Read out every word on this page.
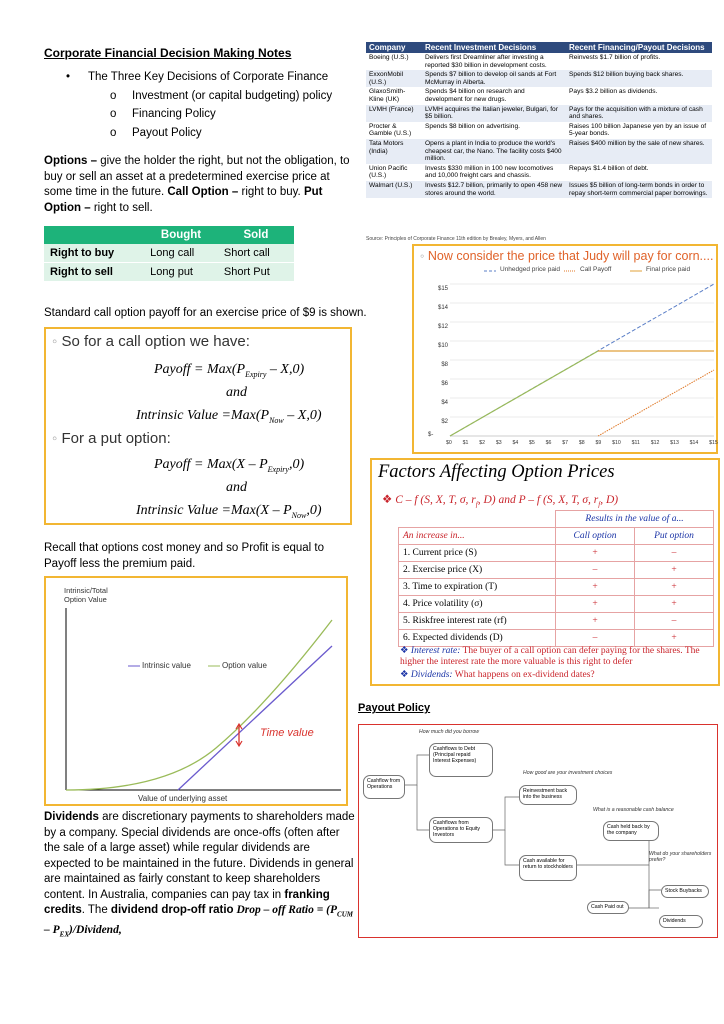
Corporate Financial Decision Making Notes
•	The Three Key Decisions of Corporate Finance
o Investment (or capital budgeting) policy
o Financing Policy
o Payout Policy
Options – give the holder the right, but not the obligation, to buy or sell an asset at a predetermined exercise price at some time in the future. Call Option – right to buy. Put Option – right to sell.
	Bought	Sold
Right to buy	Long call	Short call
Right to sell	Long put	Short Put
Standard call option payoff for an exercise price of $9 is shown.
◦ So for a call option we have:
Payoff = $Max(P_{Expiry} - X,0)$
and
Intrinsic Value $=Max(P_{Now} - X,0)$
◦ For a put option:
Payoff = $Max(X - P_{Expiry},0)$
and
Intrinsic Value $=Max(X - P_{Now},0)$
Recall that options cost money and so Profit is equal to Payoff less the premium paid.
Intrinsic/Total
Option Value
Intrinsic value	Option value
Time value
Value of underlying asset
Dividends are discretionary payments to shareholders made by a company. Special dividends are once-offs (often after the sale of a large asset) while regular dividends are expected to be maintained in the future. Dividends in general are maintained as fairly constant to keep shareholders content. In Australia, companies can pay tax in franking credits. The dividend drop-off ratio Drop – off Ratio = ($P_{CUM}$ – $P_{EX}$)/Dividend,
Company	Recent Investment Decisions	Recent Financing/Payout Decisions
Boeing (U.S.)	Delivers first Dreamliner after investing a reported $30 billion in development costs.	Reinvests $1.7 billion of profits.
ExxonMobil (U.S.)	Spends $7 billion to develop oil sands at Fort McMurray in Alberta.	Spends $12 billion buying back shares.
GlaxoSmith-Kline (UK)	Spends $4 billion on research and development for new drugs.	Pays $3.2 billion as dividends.
LVMH (France)	LVMH acquires the Italian jeweler, Bulgari, for $5 billion.	Pays for the acquisition with a mixture of cash and shares.
Procter & Gamble (U.S.)	Spends $8 billion on advertising.	Raises 100 billion Japanese yen by an issue of 5-year bonds.
Tata Motors (India)	Opens a plant in India to produce the world's cheapest car, the Nano. The facility costs $400 million.	Raises $400 million by the sale of new shares.
Union Pacific (U.S.)	Invests $330 million in 100 new locomotives and 10,000 freight cars and chassis.	Repays $1.4 billion of debt.
Walmart (U.S.)	Invests $12.7 billion, primarily to open 458 new stores around the world.	Issues $5 billion of long-term bonds in order to repay short-term commercial paper borrowings.
Source: Principles of Corporate Finance 11th edition by Brealey, Myers, and Allen
◦ Now consider the price that Judy will pay for corn....
Unhedged price paid	Call Payoff	Final price paid
$15
$14
$12
$10
$8
$6
$4
$2
$-
$0 $1 $2 $3 $4 $5 $6 $7 $8 $9 $10 $11 $12 $13 $14 $15
Factors Affecting Option Prices
❖ C – f (S, X, T, σ, $r_f$, D) and P – f (S, X, T, σ, $r_f$, D)
	Results in the value of a...	
An increase in...	Call option	Put option
1. Current price (S)	+	–
2. Exercise price (X)	–	+
3. Time to expiration (T)	+	+
4. Price volatility (σ)	+	+
5. Riskfree interest rate (rf)	+	–
6. Expected dividends (D)	–	+
❖ Interest rate: The buyer of a call option can defer paying for the shares. The higher the interest rate the more valuable is this right to defer
❖ Dividends: What happens on ex-dividend dates?
Payout Policy
How much did you borrow
How good are your investment choices
What is a reasonable cash balance
What do your shareholders prefer?
Cashflows to Debt (Principal repaid Interest Expenses)
Cashflow from Operations
Cashflows from Operations to Equity Investors
Reinvestment back into the business
Cash available for return to stockholders
Cash held back by the company
Cash Paid out
Stock Buybacks
Dividends
